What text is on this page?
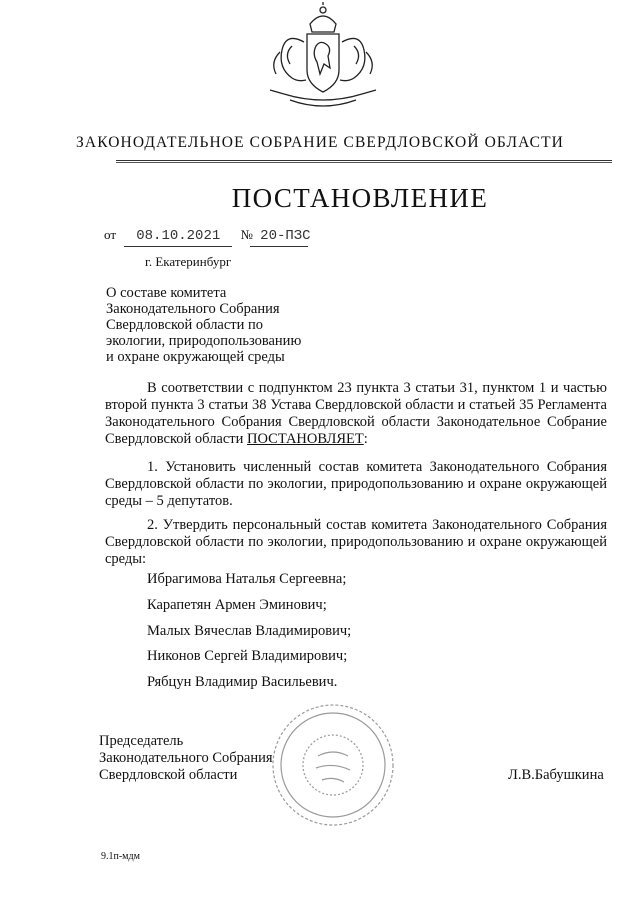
ЗАКОНОДАТЕЛЬНОЕ СОБРАНИЕ СВЕРДЛОВСКОЙ ОБЛАСТИ
ПОСТАНОВЛЕНИЕ
от 08.10.2021 № 20-ПЗС
г. Екатеринбург
О составе комитета
Законодательного Собрания
Свердловской области по
экологии, природопользованию
и охране окружающей среды
В соответствии с подпунктом 23 пункта 3 статьи 31, пунктом 1 и частью второй пункта 3 статьи 38 Устава Свердловской области и статьей 35 Регламента Законодательного Собрания Свердловской области Законодательное Собрание Свердловской области ПОСТАНОВЛЯЕТ:
1. Установить численный состав комитета Законодательного Собрания Свердловской области по экологии, природопользованию и охране окружающей среды – 5 депутатов.
2. Утвердить персональный состав комитета Законодательного Собрания Свердловской области по экологии, природопользованию и охране окружающей среды:
Ибрагимова Наталья Сергеевна;
Карапетян Армен Эминович;
Малых Вячеслав Владимирович;
Никонов Сергей Владимирович;
Рябцун Владимир Васильевич.
Председатель
Законодательного Собрания
Свердловской области	Л.В.Бабушкина
9.1п-мдм
